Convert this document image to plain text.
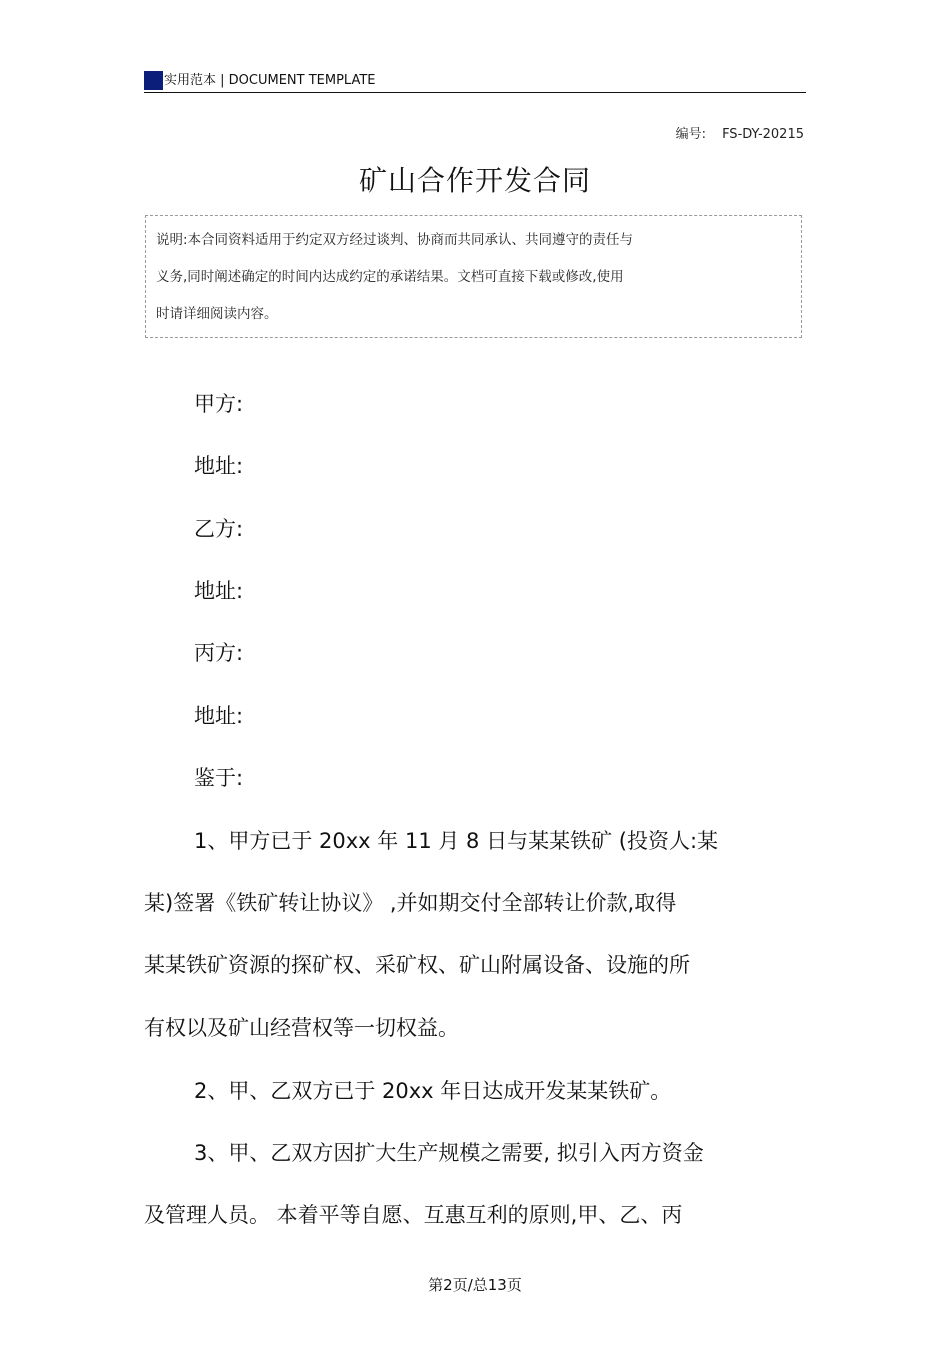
实用范本 | DOCUMENT TEMPLATE
编号: FS-DY-20215
矿山合作开发合同
说明:本合同资料适用于约定双方经过谈判、协商而共同承认、共同遵守的责任与
义务,同时阐述确定的时间内达成约定的承诺结果。文档可直接下载或修改,使用
时请详细阅读内容。
甲方:
地址:
乙方:
地址:
丙方:
地址:
鉴于:
1、甲方已于 20xx 年 11 月 8 日与某某铁矿 (投资人:某
某)签署《铁矿转让协议》 ,并如期交付全部转让价款,取得
某某铁矿资源的探矿权、采矿权、矿山附属设备、设施的所
有权以及矿山经营权等一切权益。
2、甲、乙双方已于 20xx 年日达成开发某某铁矿。
3、甲、乙双方因扩大生产规模之需要, 拟引入丙方资金
及管理人员。 本着平等自愿、互惠互利的原则,甲、乙、丙
第2页/总13页
